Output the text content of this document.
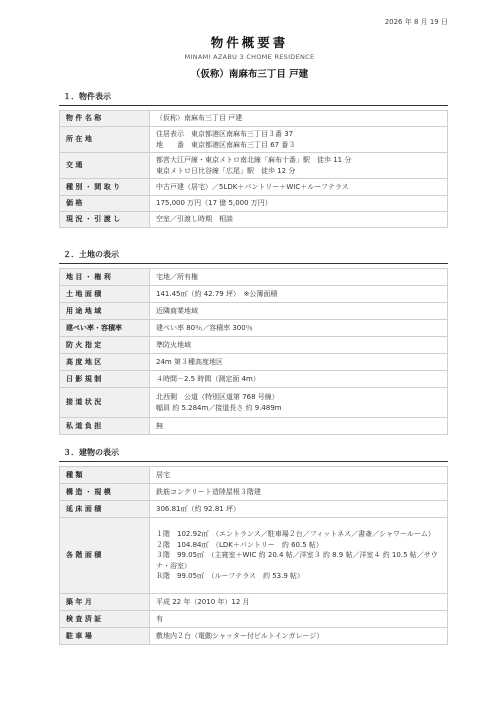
2026 年 8 月 19 日
物件概要書
MINAMI AZABU 3 CHOME RESIDENCE
（仮称）南麻布三丁目 戸建
１．物件表示
物 件 名 称	（仮称）南麻布三丁目 戸建

所 在 地	住居表示　東京都港区南麻布三丁目３番 37
地　　番　東京都港区南麻布三丁目 67 番３

交 通	都営大江戸線・東京メトロ南北線「麻布十番」駅　徒歩 11 分
東京メトロ日比谷線「広尾」駅　徒歩 12 分

種 別 ・ 間 取 り	中古戸建（居宅）／5LDK＋パントリー＋WIC＋ルーフテラス

価 格	175,000 万円（17 億 5,000 万円）

現 況 ・ 引 渡 し	空室／引渡し時期　相談
２．土地の表示
地 目 ・ 権 利	宅地／所有権

土 地 面 積	141.45㎡（約 42.79 坪）　※公簿面積

用 途 地 域	近隣商業地域

建ぺい率・容積率	建ぺい率 80％／容積率 300％

防 火 指 定	準防火地域

高 度 地 区	24m 第３種高度地区

日 影 規 制	４時間－2.5 時間（測定面 4m）

接 道 状 況	北西側　公道（特別区道第 768 号線）
幅員 約 5.284m／接道長さ 約 9.489m

私 道 負 担	無
３．建物の表示
種 類	居宅

構 造 ・ 規 模	鉄筋コンクリート造陸屋根３階建

延 床 面 積	306.81㎡（約 92.81 坪）

各 階 面 積	１階　102.92㎡　（エントランス／駐車場２台／フィットネス／書斎／シャワールーム）
２階　104.84㎡　（LDK＋パントリー　約 60.5 帖）
３階　99.05㎡　（主寝室＋WIC 約 20.4 帖／洋室３ 約 8.9 帖／洋室４ 約 10.5 帖／サウナ・浴室）
Ｒ階　99.05㎡　（ルーフテラス　約 53.9 帖）

築 年 月	平成 22 年（2010 年）12 月

検 査 済 証	有

駐 車 場	敷地内２台（電動シャッター付ビルトインガレージ）
